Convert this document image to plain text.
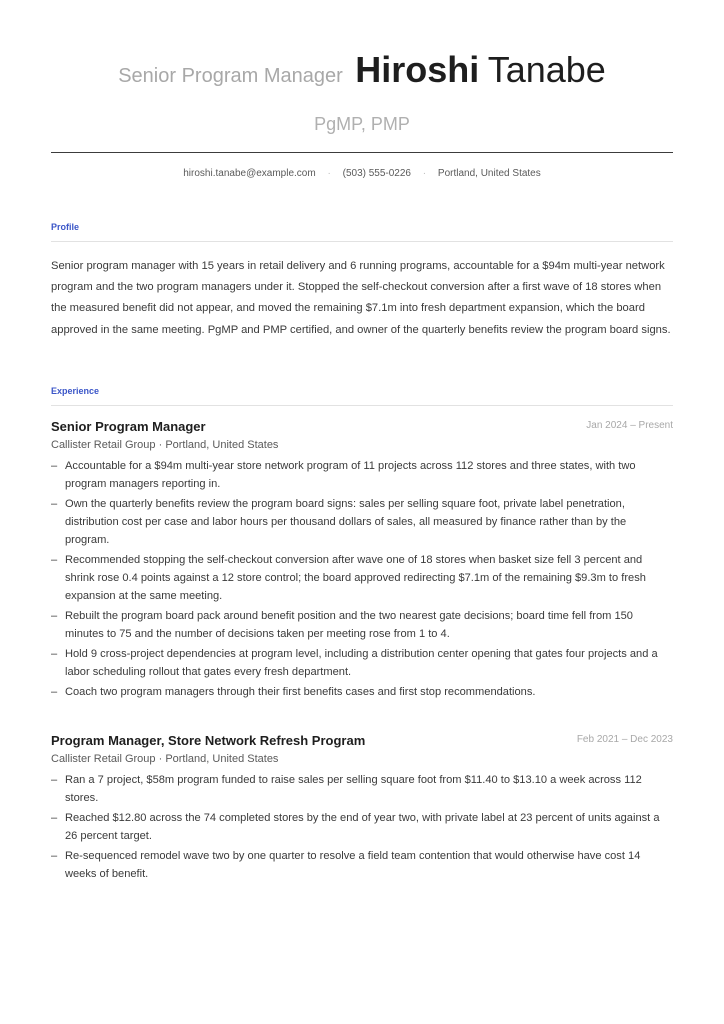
Senior Program Manager Hiroshi Tanabe
PgMP, PMP
hiroshi.tanabe@example.com · (503) 555-0226 · Portland, United States
Profile
Senior program manager with 15 years in retail delivery and 6 running programs, accountable for a $94m multi-year network program and the two program managers under it. Stopped the self-checkout conversion after a first wave of 18 stores when the measured benefit did not appear, and moved the remaining $7.1m into fresh department expansion, which the board approved in the same meeting. PgMP and PMP certified, and owner of the quarterly benefits review the program board signs.
Experience
Senior Program Manager	Jan 2024 – Present
Callister Retail Group · Portland, United States
– Accountable for a $94m multi-year store network program of 11 projects across 112 stores and three states, with two program managers reporting in.
– Own the quarterly benefits review the program board signs: sales per selling square foot, private label penetration, distribution cost per case and labor hours per thousand dollars of sales, all measured by finance rather than by the program.
– Recommended stopping the self-checkout conversion after wave one of 18 stores when basket size fell 3 percent and shrink rose 0.4 points against a 12 store control; the board approved redirecting $7.1m of the remaining $9.3m to fresh expansion at the same meeting.
– Rebuilt the program board pack around benefit position and the two nearest gate decisions; board time fell from 150 minutes to 75 and the number of decisions taken per meeting rose from 1 to 4.
– Hold 9 cross-project dependencies at program level, including a distribution center opening that gates four projects and a labor scheduling rollout that gates every fresh department.
– Coach two program managers through their first benefits cases and first stop recommendations.
Program Manager, Store Network Refresh Program	Feb 2021 – Dec 2023
Callister Retail Group · Portland, United States
– Ran a 7 project, $58m program funded to raise sales per selling square foot from $11.40 to $13.10 a week across 112 stores.
– Reached $12.80 across the 74 completed stores by the end of year two, with private label at 23 percent of units against a 26 percent target.
– Re-sequenced remodel wave two by one quarter to resolve a field team contention that would otherwise have cost 14 weeks of benefit.
